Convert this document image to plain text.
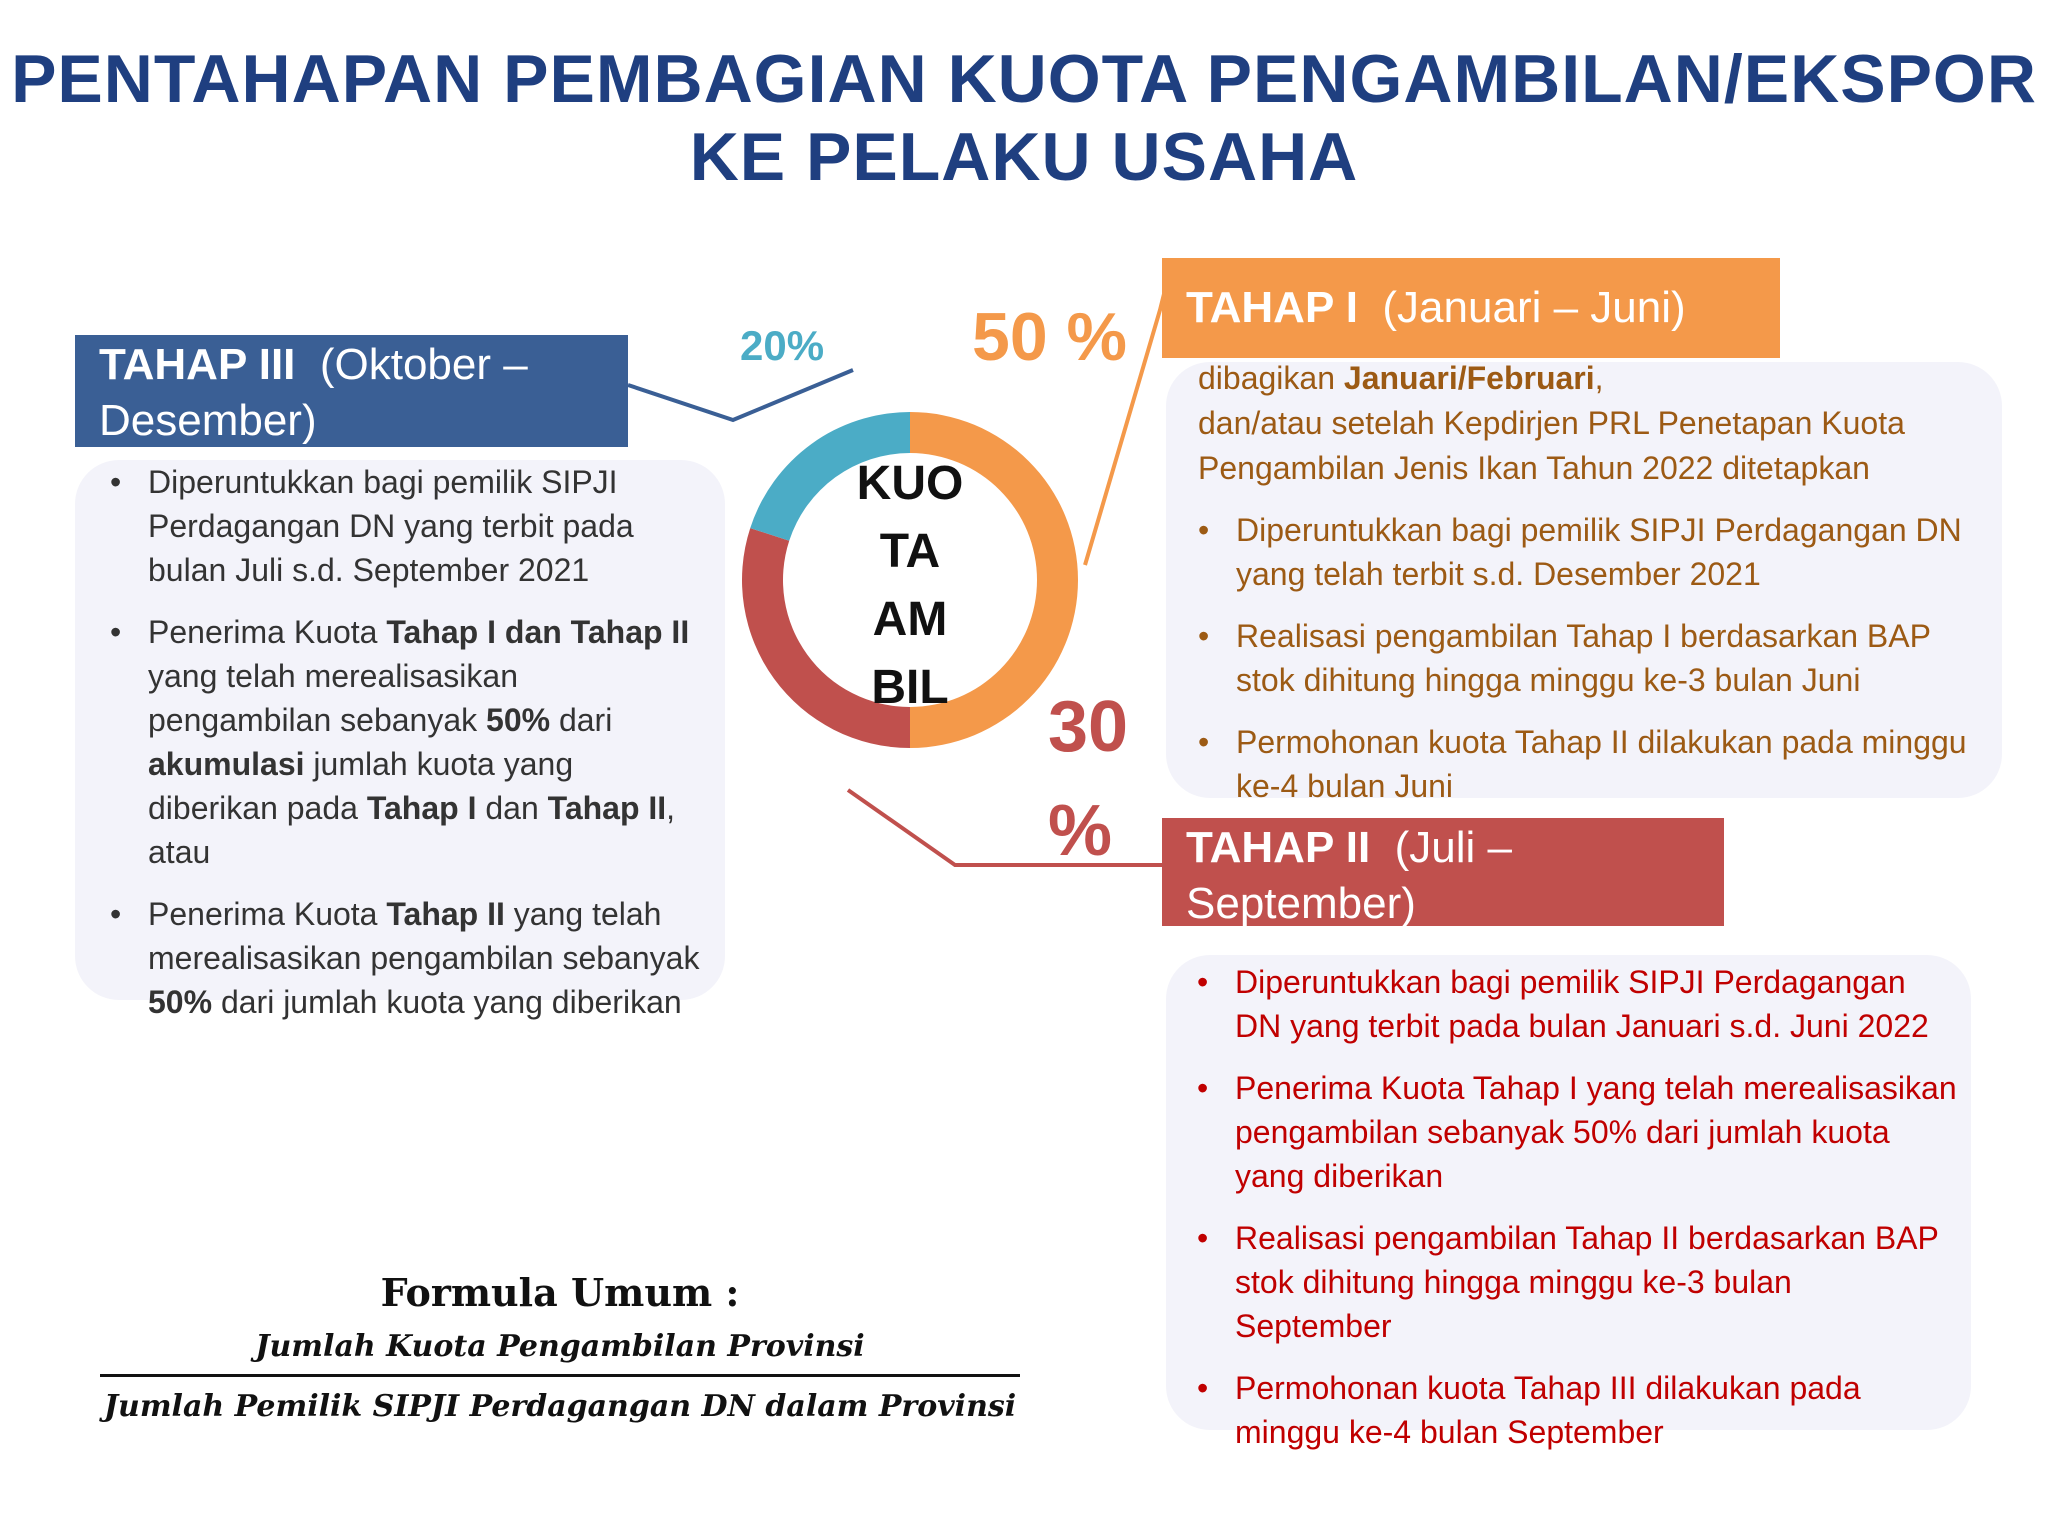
PENTAHAPAN PEMBAGIAN KUOTA PENGAMBILAN/EKSPOR
KE PELAKU USAHA
TAHAP I (Januari – Juni)
dibagikan Januari/Februari,
dan/atau setelah Kepdirjen PRL Penetapan Kuota Pengambilan Jenis Ikan Tahun 2022 ditetapkan
• Diperuntukkan bagi pemilik SIPJI Perdagangan DN yang telah terbit s.d. Desember 2021
• Realisasi pengambilan Tahap I berdasarkan BAP stok dihitung hingga minggu ke-3 bulan Juni
• Permohonan kuota Tahap II dilakukan pada minggu ke-4 bulan Juni
TAHAP II (Juli – September)
• Diperuntukkan bagi pemilik SIPJI Perdagangan DN yang terbit pada bulan Januari s.d. Juni 2022
• Penerima Kuota Tahap I yang telah merealisasikan pengambilan sebanyak 50% dari jumlah kuota yang diberikan
• Realisasi pengambilan Tahap II berdasarkan BAP stok dihitung hingga minggu ke-3 bulan September
• Permohonan kuota Tahap III dilakukan pada minggu ke-4 bulan September
TAHAP III (Oktober – Desember)
• Diperuntukkan bagi pemilik SIPJI Perdagangan DN yang terbit pada bulan Juli s.d. September 2021
• Penerima Kuota Tahap I dan Tahap II yang telah merealisasikan pengambilan sebanyak 50% dari akumulasi jumlah kuota yang diberikan pada Tahap I dan Tahap II, atau
• Penerima Kuota Tahap II yang telah merealisasikan pengambilan sebanyak 50% dari jumlah kuota yang diberikan
KUO
TA
AM
BIL
50 %
30 %
20%
Formula Umum :
Jumlah Kuota Pengambilan Provinsi
Jumlah Pemilik SIPJI Perdagangan DN dalam Provinsi
